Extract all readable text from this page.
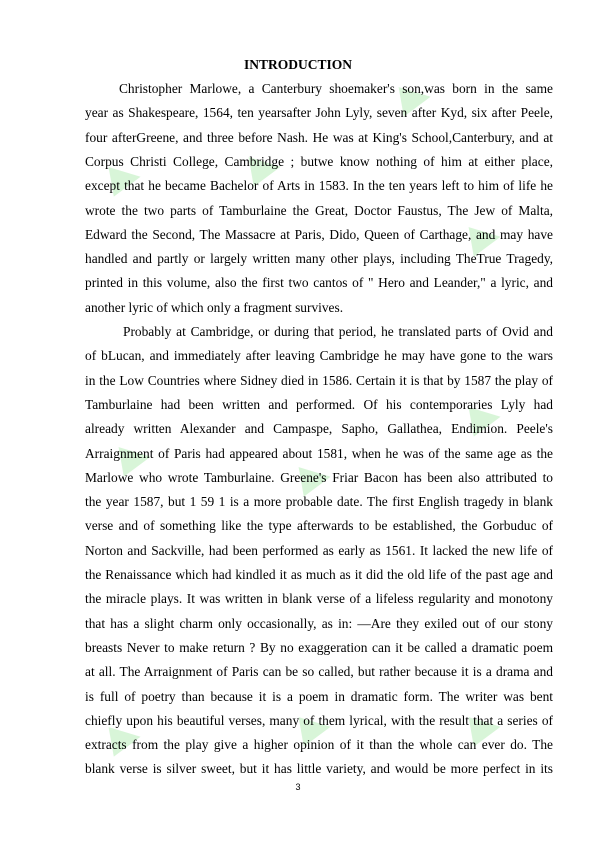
▸ ▸
▸
▸
▸ ▸
▸
▸ ▸ ▸
INTRODUCTION
Christopher Marlowe, a Canterbury shoemaker's son,was born in the same
year as Shakespeare, 1564, ten yearsafter John Lyly, seven after Kyd, six after Peele,
four afterGreene, and three before Nash. He was at King's School,Canterbury, and at
Corpus Christi College, Cambridge ; butwe know nothing of him at either place,
except that he became Bachelor of Arts in 1583. In the ten years left to him of life he
wrote the two parts of Tamburlaine the Great, Doctor Faustus, The Jew of Malta,
Edward the Second, The Massacre at Paris, Dido, Queen of Carthage, and may have
handled and partly or largely written many other plays, including TheTrue Tragedy,
printed in this volume, also the first two cantos of " Hero and Leander," a lyric, and
another lyric of which only a fragment survives.
Probably at Cambridge, or during that period, he translated parts of Ovid and
of bLucan, and immediately after leaving Cambridge he may have gone to the wars
in the Low Countries where Sidney died in 1586. Certain it is that by 1587 the play of
Tamburlaine had been written and performed. Of his contemporaries Lyly had
already written Alexander and Campaspe, Sapho, Gallathea, Endimion. Peele's
Arraignment of Paris had appeared about 1581, when he was of the same age as the
Marlowe who wrote Tamburlaine. Greene's Friar Bacon has been also attributed to
the year 1587, but 1 59 1 is a more probable date. The first English tragedy in blank
verse and of something like the type afterwards to be established, the Gorbuduc of
Norton and Sackville, had been performed as early as 1561. It lacked the new life of
the Renaissance which had kindled it as much as it did the old life of the past age and
the miracle plays. It was written in blank verse of a lifeless regularity and monotony
that has a slight charm only occasionally, as in: —Are they exiled out of our stony
breasts Never to make return ? By no exaggeration can it be called a dramatic poem
at all. The Arraignment of Paris can be so called, but rather because it is a drama and
is full of poetry than because it is a poem in dramatic form. The writer was bent
chiefly upon his beautiful verses, many of them lyrical, with the result that a series of
extracts from the play give a higher opinion of it than the whole can ever do. The
blank verse is silver sweet, but it has little variety, and would be more perfect in its
3
